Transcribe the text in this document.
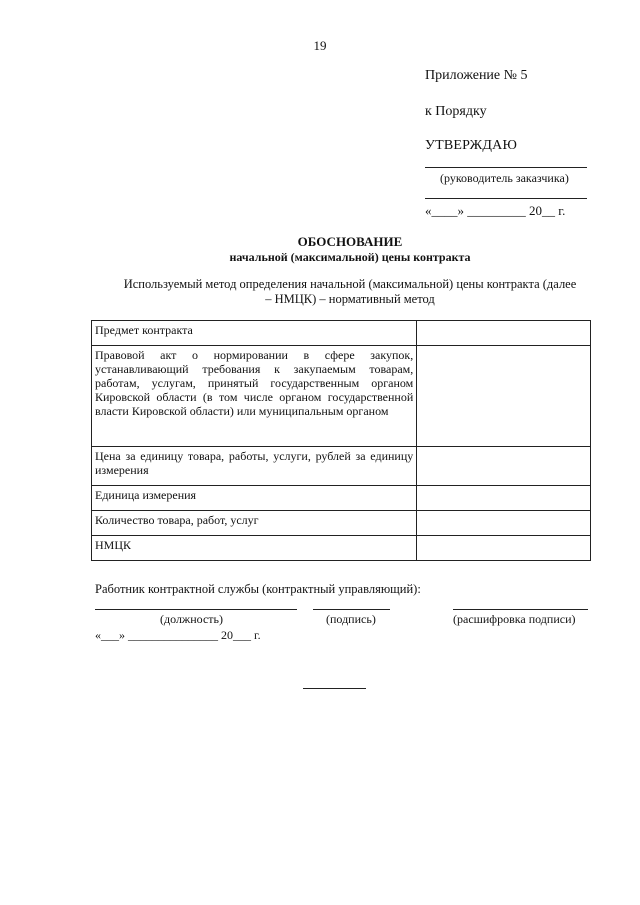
19
Приложение № 5
к Порядку
УТВЕРЖДАЮ
(руководитель заказчика)
«____» _________ 20__ г.
ОБОСНОВАНИЕ
начальной (максимальной) цены контракта
Используемый метод определения начальной (максимальной) цены контракта (далее – НМЦК) – нормативный метод
Предмет контракта	
Правовой акт о нормировании в сфере закупок, устанавливающий требования к закупаемым товарам, работам, услугам, принятый государственным органом Кировской области (в том числе органом государственной власти Кировской области) или муниципальным органом	
Цена за единицу товара, работы, услуги, рублей за единицу измерения	
Единица измерения	
Количество товара, работ, услуг	
НМЦК	
Работник контрактной службы (контрактный управляющий):
(должность)	(подпись)	(расшифровка подписи)
«___» _______________ 20___ г.
